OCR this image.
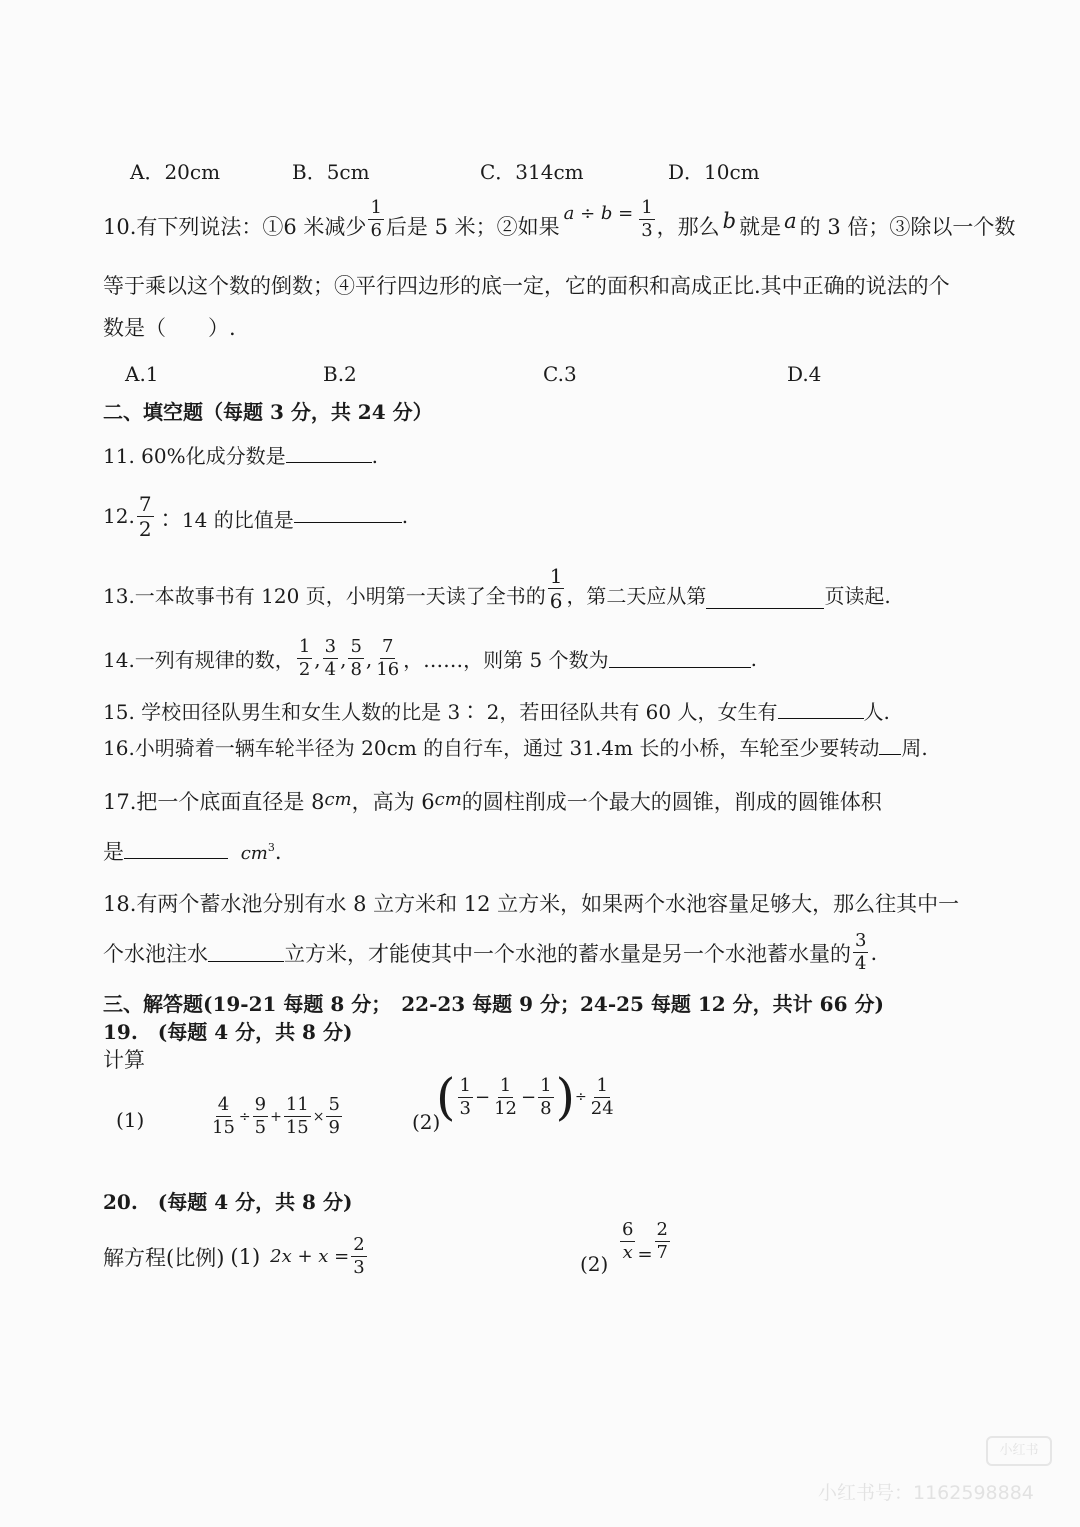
A．20cm	B．5cm	C．314cm	D．10cm
10.有下列说法：①6 米减少 $\frac{1}{6}$ 后是 5 米；②如果
$a \div b = \frac{1}{3}$ ，那么 b 就是 a 的 3 倍；③除以一个数
等于乘以这个数的倒数；④平行四边形的底一定，它的面积和高成正比.其中正确的说法的个
数是（　　）.
A.1	B.2	C.3	D.4
二、填空题（每题 3 分，共 24 分）
11. 60%化成分数是	.
12. $\frac{7}{2}$ ∶ 14 的比值是	.
13.一本故事书有 120 页，小明第一天读了全书的 $\frac{1}{6}$ ，第二天应从第	页读起.
14.一列有规律的数， $\frac{1}{2}$ , $\frac{3}{4}$ , $\frac{5}{8}$ , $\frac{7}{16}$ ，……，则第 5 个数为	.
15. 学校田径队男生和女生人数的比是 3∶ 2，若田径队共有 60 人，女生有	人.
16.小明骑着一辆车轮半径为 20cm 的自行车，通过 31.4m 长的小桥，车轮至少要转动 周.
17.把一个底面直径是 8cm，高为 6cm的圆柱削成一个最大的圆锥，削成的圆锥体积
是	$cm^3$.
18.有两个蓄水池分别有水 8 立方米和 12 立方米，如果两个水池容量足够大，那么往其中一
个水池注水	立方米，才能使其中一个水池的蓄水量是另一个水池蓄水量的 $\frac{3}{4}$ .
三、解答题(19-21 每题 8 分；　22-23 每题 9 分；24-25 每题 12 分，共计 66 分)
19.　(每题 4 分，共 8 分)
计算
(1)	$\frac{4}{15} \div \frac{9}{5} + \frac{11}{15} \times \frac{5}{9}$	(2)
( $\frac{1}{3} - \frac{1}{12} - \frac{1}{8}$ ) ÷ $\frac{1}{24}$
20.　(每题 4 分，共 8 分)
解方程(比例) (1) $2x + x = \frac{2}{3}$	(2)
$\frac{6}{x} = \frac{2}{7}$
小红书
小红书号：1162598884
